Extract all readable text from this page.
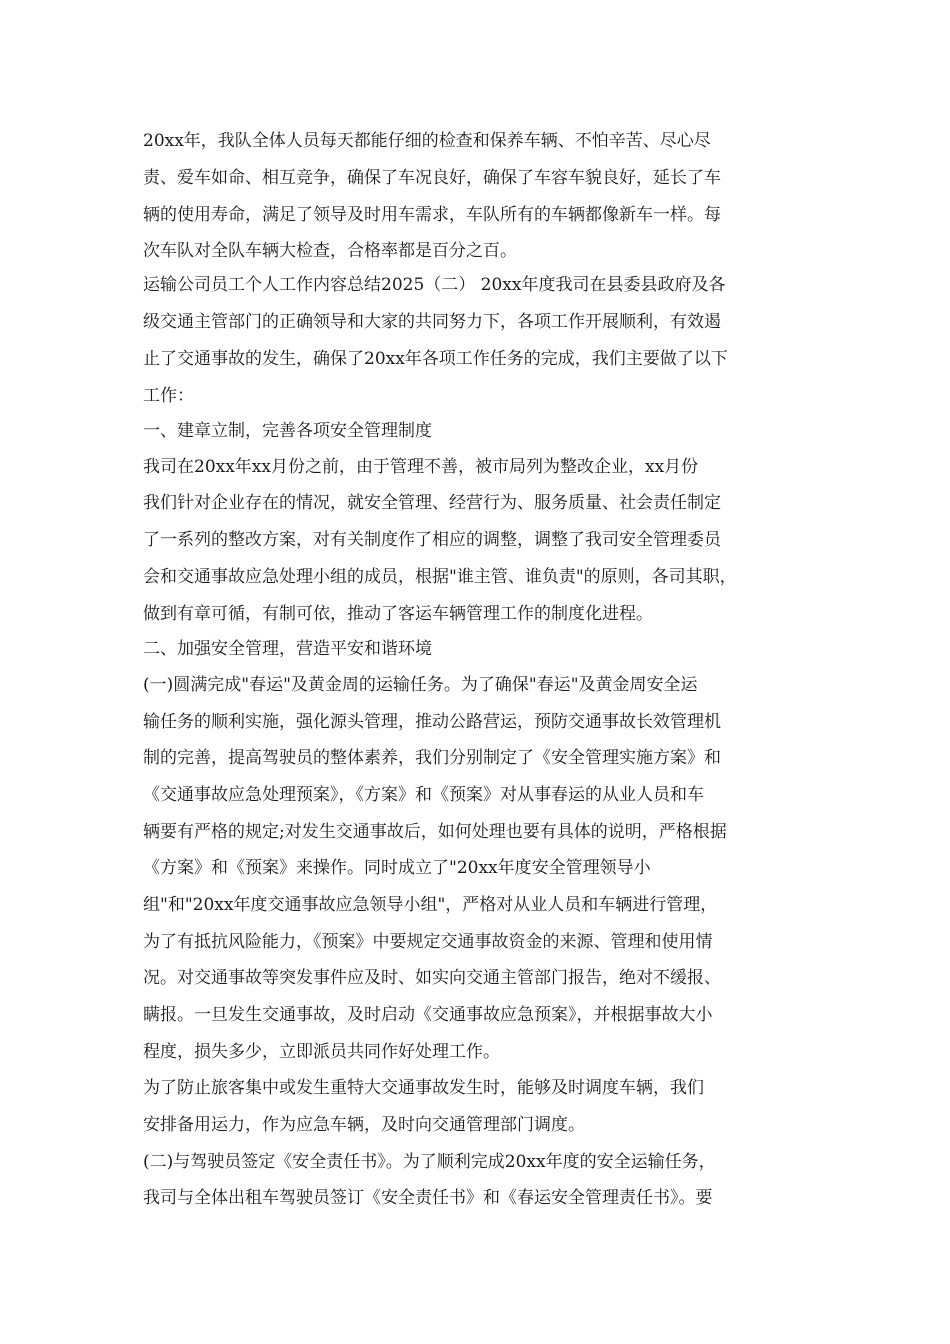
20xx年，我队全体人员每天都能仔细的检查和保养车辆、不怕辛苦、尽心尽
责、爱车如命、相互竞争，确保了车况良好，确保了车容车貌良好，延长了车
辆的使用寿命，满足了领导及时用车需求，车队所有的车辆都像新车一样。每
次车队对全队车辆大检查，合格率都是百分之百。
运输公司员工个人工作内容总结2025（二） 20xx年度我司在县委县政府及各
级交通主管部门的正确领导和大家的共同努力下，各项工作开展顺利，有效遏
止了交通事故的发生，确保了20xx年各项工作任务的完成，我们主要做了以下
工作：
一、建章立制，完善各项安全管理制度
我司在20xx年xx月份之前，由于管理不善，被市局列为整改企业，xx月份
我们针对企业存在的情况，就安全管理、经营行为、服务质量、社会责任制定
了一系列的整改方案，对有关制度作了相应的调整，调整了我司安全管理委员
会和交通事故应急处理小组的成员，根据"谁主管、谁负责"的原则，各司其职，
做到有章可循，有制可依，推动了客运车辆管理工作的制度化进程。
二、加强安全管理，营造平安和谐环境
(一)圆满完成"春运"及黄金周的运输任务。为了确保"春运"及黄金周安全运
输任务的顺利实施，强化源头管理，推动公路营运，预防交通事故长效管理机
制的完善，提高驾驶员的整体素养，我们分别制定了《安全管理实施方案》和
《交通事故应急处理预案》，《方案》和《预案》对从事春运的从业人员和车
辆要有严格的规定;对发生交通事故后，如何处理也要有具体的说明，严格根据
《方案》和《预案》来操作。同时成立了"20xx年度安全管理领导小
组"和"20xx年度交通事故应急领导小组"，严格对从业人员和车辆进行管理，
为了有抵抗风险能力，《预案》中要规定交通事故资金的来源、管理和使用情
况。对交通事故等突发事件应及时、如实向交通主管部门报告，绝对不缓报、
瞒报。一旦发生交通事故，及时启动《交通事故应急预案》，并根据事故大小
程度，损失多少，立即派员共同作好处理工作。
为了防止旅客集中或发生重特大交通事故发生时，能够及时调度车辆，我们
安排备用运力，作为应急车辆，及时向交通管理部门调度。
(二)与驾驶员签定《安全责任书》。为了顺利完成20xx年度的安全运输任务，
我司与全体出租车驾驶员签订《安全责任书》和《春运安全管理责任书》。要
